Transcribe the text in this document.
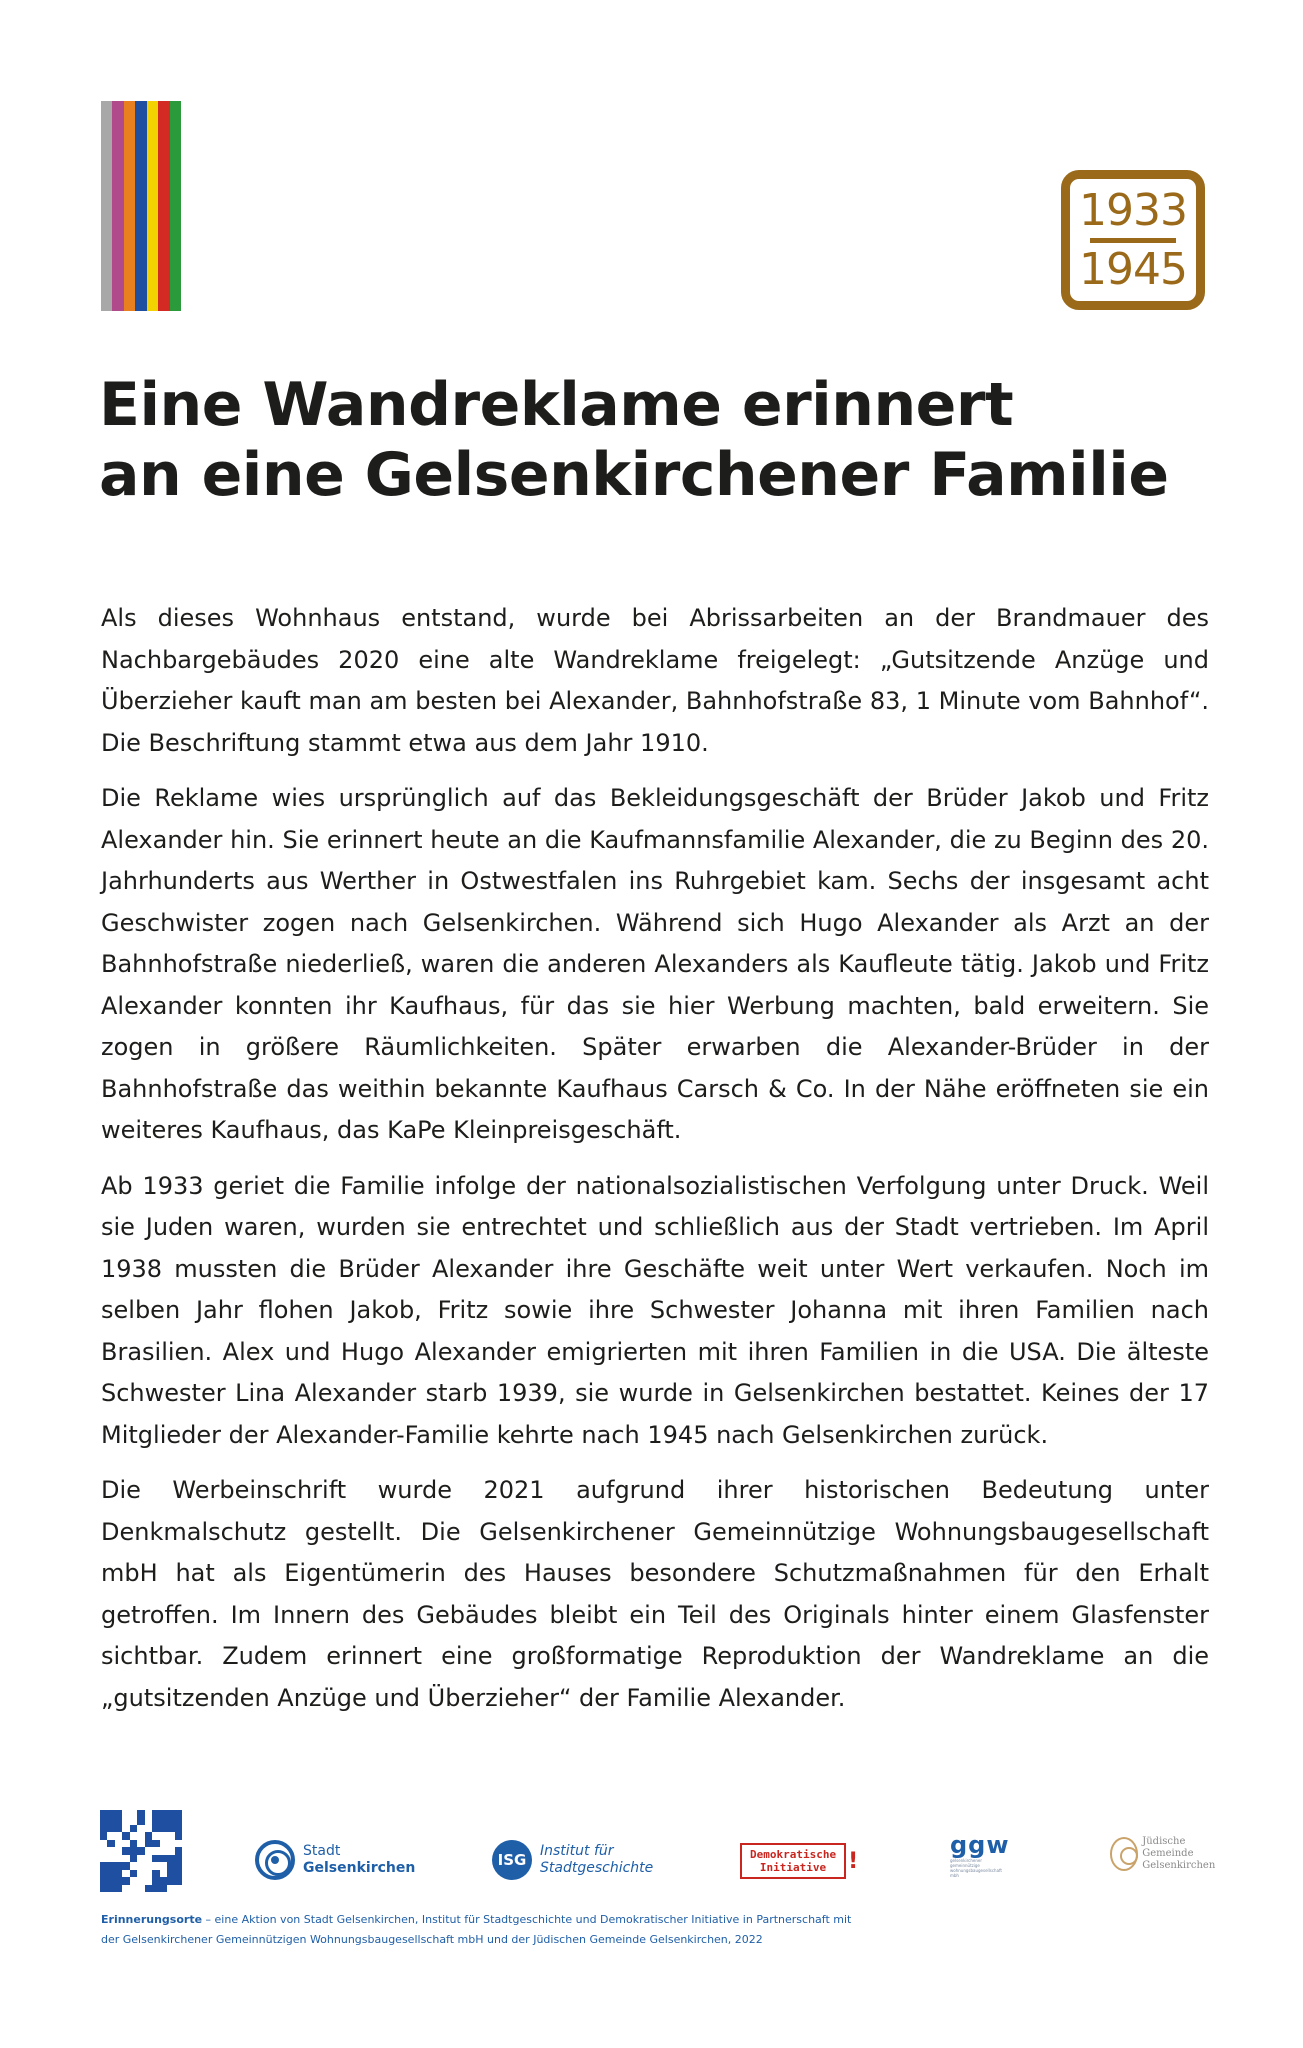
1933
1945
Eine Wandreklame erinnert
an eine Gelsenkirchener Familie

Als dieses Wohnhaus entstand, wurde bei Abrissarbeiten an der Brandmauer des Nachbargebäudes 2020 eine alte Wandreklame freigelegt: „Gutsitzende Anzüge und Überzieher kauft man am besten bei Alexander, Bahnhofstraße 83, 1 Minute vom Bahnhof“. Die Beschriftung stammt etwa aus dem Jahr 1910.

Die Reklame wies ursprünglich auf das Bekleidungsgeschäft der Brüder Jakob und Fritz Alexander hin. Sie erinnert heute an die Kaufmannsfamilie Alexander, die zu Beginn des 20. Jahrhunderts aus Werther in Ostwestfalen ins Ruhrgebiet kam. Sechs der insgesamt acht Geschwister zogen nach Gelsenkirchen. Während sich Hugo Alexander als Arzt an der Bahnhofstraße niederließ, waren die anderen Alexanders als Kaufleute tätig. Jakob und Fritz Alexander konnten ihr Kaufhaus, für das sie hier Werbung machten, bald erweitern. Sie zogen in größere Räumlichkeiten. Später erwarben die Alexander-Brüder in der Bahnhofstraße das weithin bekannte Kaufhaus Carsch & Co. In der Nähe eröffneten sie ein weiteres Kaufhaus, das KaPe Kleinpreisgeschäft.

Ab 1933 geriet die Familie infolge der nationalsozialistischen Verfolgung unter Druck. Weil sie Juden waren, wurden sie entrechtet und schließlich aus der Stadt vertrieben. Im April 1938 mussten die Brüder Alexander ihre Geschäfte weit unter Wert verkaufen. Noch im selben Jahr flohen Jakob, Fritz sowie ihre Schwester Johanna mit ihren Familien nach Brasilien. Alex und Hugo Alexander emigrierten mit ihren Familien in die USA. Die älteste Schwester Lina Alexander starb 1939, sie wurde in Gelsenkirchen bestattet. Keines der 17 Mitglieder der Alexander-Familie kehrte nach 1945 nach Gelsenkirchen zurück.

Die Werbeinschrift wurde 2021 aufgrund ihrer historischen Bedeutung unter Denkmalschutz gestellt. Die Gelsenkirchener Gemeinnützige Wohnungsbaugesellschaft mbH hat als Eigentümerin des Hauses besondere Schutzmaßnahmen für den Erhalt getroffen. Im Innern des Gebäudes bleibt ein Teil des Originals hinter einem Glasfenster sichtbar. Zudem erinnert eine großformatige Reproduktion der Wandreklame an die „gutsitzenden Anzüge und Überzieher“ der Familie Alexander.

Stadt
Gelsenkirchen	ISG Institut für
Stadtgeschichte
Demokratische
Initiative !
ggw
gelsenkirchener gemeinnützige wohnungsbaugesellschaft mbh
Jüdische Gemeinde
Gelsenkirchen
Erinnerungsorte – eine Aktion von Stadt Gelsenkirchen, Institut für Stadtgeschichte und Demokratischer Initiative in Partnerschaft mit
der Gelsenkirchener Gemeinnützigen Wohnungsbaugesellschaft mbH und der Jüdischen Gemeinde Gelsenkirchen, 2022
